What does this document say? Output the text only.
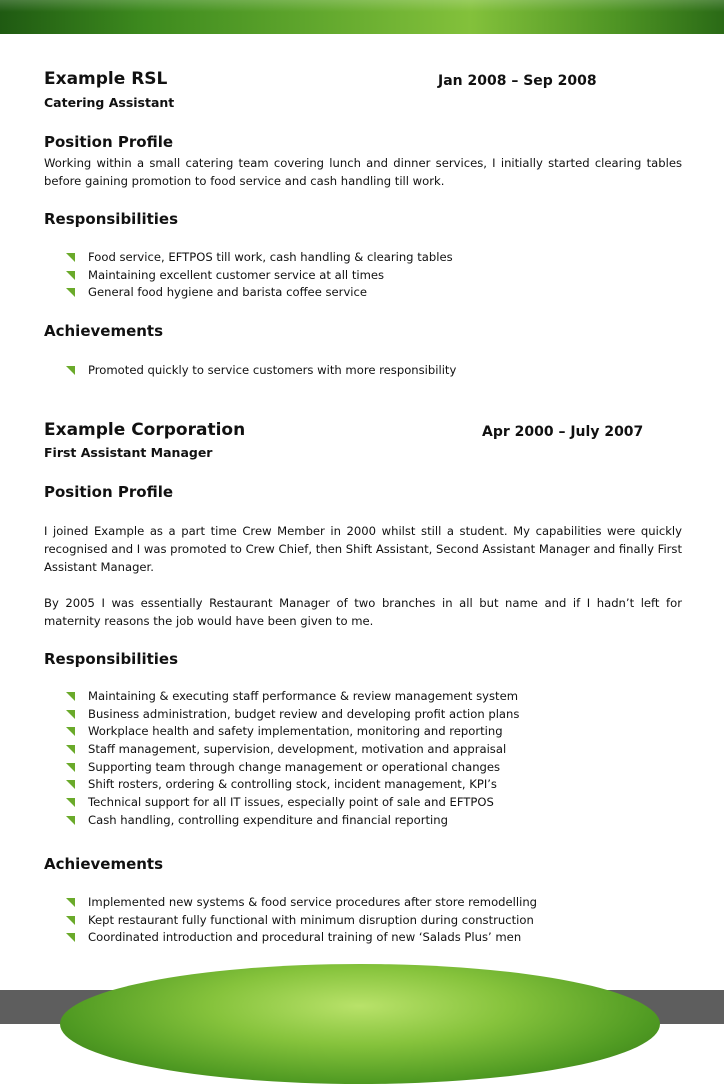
Example RSL	Jan 2008 – Sep 2008
Catering Assistant
Position Profile
Working within a small catering team covering lunch and dinner services, I initially started clearing tables before gaining promotion to food service and cash handling till work.
Responsibilities
Food service, EFTPOS till work, cash handling & clearing tables
Maintaining excellent customer service at all times
General food hygiene and barista coffee service
Achievements
Promoted quickly to service customers with more responsibility
Example Corporation	Apr 2000 – July 2007
First Assistant Manager
Position Profile
I joined Example as a part time Crew Member in 2000 whilst still a student. My capabilities were quickly recognised and I was promoted to Crew Chief, then Shift Assistant, Second Assistant Manager and finally First Assistant Manager.
By 2005 I was essentially Restaurant Manager of two branches in all but name and if I hadn’t left for maternity reasons the job would have been given to me.
Responsibilities
Maintaining & executing staff performance & review management system
Business administration, budget review and developing profit action plans
Workplace health and safety implementation, monitoring and reporting
Staff management, supervision, development, motivation and appraisal
Supporting team through change management or operational changes
Shift rosters, ordering & controlling stock, incident management, KPI’s
Technical support for all IT issues, especially point of sale and EFTPOS
Cash handling, controlling expenditure and financial reporting
Achievements
Implemented new systems & food service procedures after store remodelling
Kept restaurant fully functional with minimum disruption during construction
Coordinated introduction and procedural training of new ‘Salads Plus’ men
